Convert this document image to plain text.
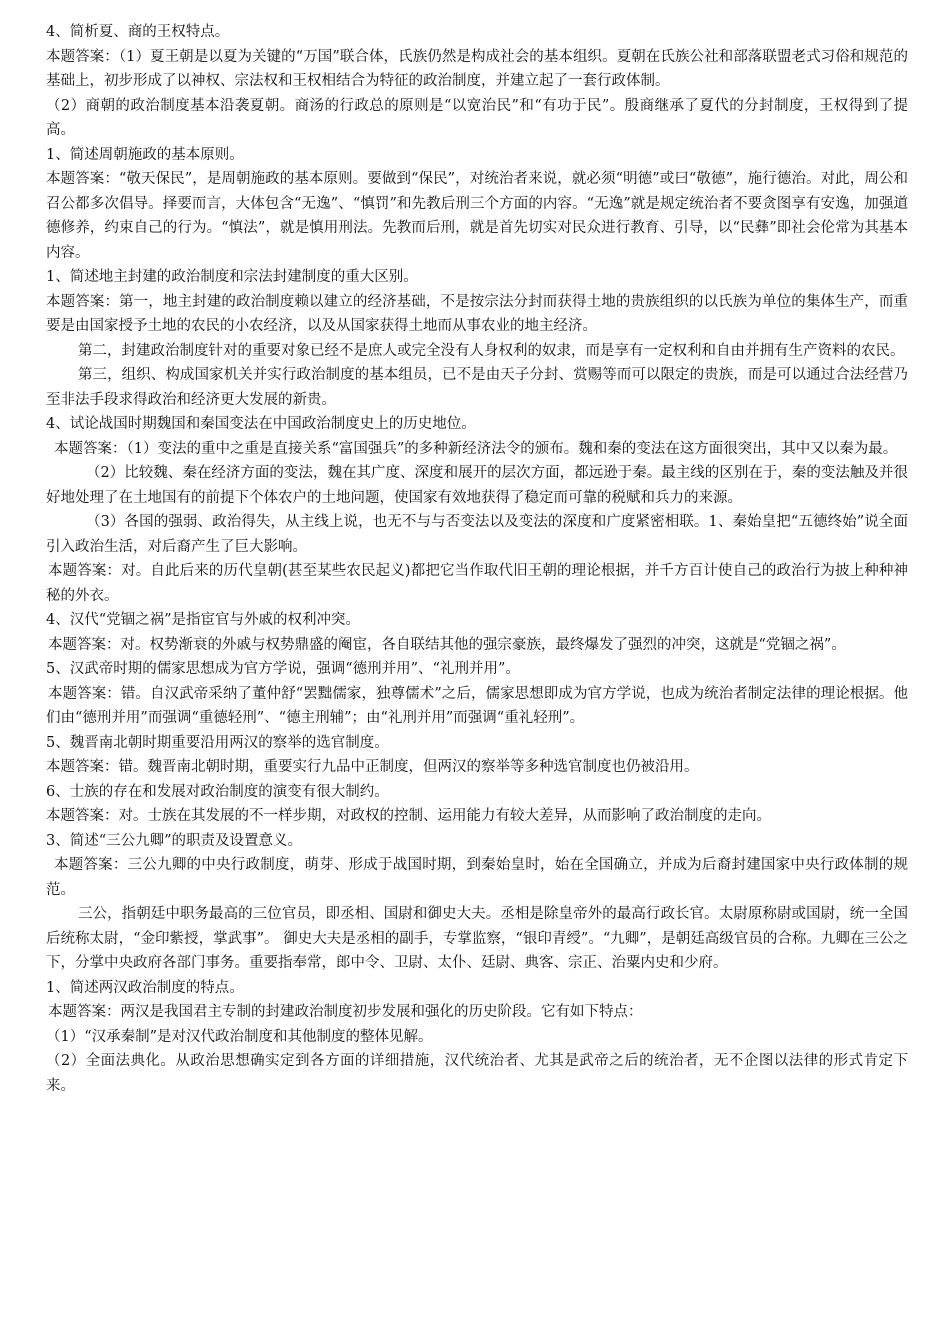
4、简析夏、商的王权特点。

本题答案：（1）夏王朝是以夏为关键的“万国”联合体，氏族仍然是构成社会的基本组织。夏朝在氏族公社和部落联盟老式习俗和规范的基础上，初步形成了以神权、宗法权和王权相结合为特征的政治制度，并建立起了一套行政体制。

（2）商朝的政治制度基本沿袭夏朝。商汤的行政总的原则是“以宽治民”和“有功于民”。殷商继承了夏代的分封制度，王权得到了提高。

1、简述周朝施政的基本原则。

本题答案：“敬天保民”，是周朝施政的基本原则。要做到“保民”，对统治者来说，就必须“明德”或曰“敬德”，施行德治。对此，周公和召公都多次倡导。择要而言，大体包含“无逸”、“慎罚”和先教后刑三个方面的内容。“无逸”就是规定统治者不要贪图享有安逸，加强道德修养，约束自己的行为。“慎法”，就是慎用刑法。先教而后刑，就是首先切实对民众进行教育、引导，以“民彝”即社会伦常为其基本内容。

1、简述地主封建的政治制度和宗法封建制度的重大区别。

本题答案：第一，地主封建的政治制度赖以建立的经济基础，不是按宗法分封而获得土地的贵族组织的以氏族为单位的集体生产，而重要是由国家授予土地的农民的小农经济，以及从国家获得土地而从事农业的地主经济。

第二，封建政治制度针对的重要对象已经不是庶人或完全没有人身权利的奴隶，而是享有一定权利和自由并拥有生产资料的农民。

第三，组织、构成国家机关并实行政治制度的基本组员，已不是由天子分封、赏赐等而可以限定的贵族，而是可以通过合法经营乃至非法手段求得政治和经济更大发展的新贵。

4、试论战国时期魏国和秦国变法在中国政治制度史上的历史地位。

本题答案：（1）变法的重中之重是直接关系“富国强兵”的多种新经济法令的颁布。魏和秦的变法在这方面很突出，其中又以秦为最。

（2）比较魏、秦在经济方面的变法，魏在其广度、深度和展开的层次方面，都远逊于秦。最主线的区别在于，秦的变法触及并很好地处理了在土地国有的前提下个体农户的土地问题，使国家有效地获得了稳定而可靠的税赋和兵力的来源。

（3）各国的强弱、政治得失，从主线上说，也无不与与否变法以及变法的深度和广度紧密相联。1、秦始皇把“五德终始”说全面引入政治生活，对后裔产生了巨大影响。

本题答案：对。自此后来的历代皇朝(甚至某些农民起义)都把它当作取代旧王朝的理论根据，并千方百计使自己的政治行为披上种种神秘的外衣。

4、汉代“党锢之祸”是指宦官与外戚的权利冲突。

本题答案：对。权势渐衰的外戚与权势鼎盛的阉宦，各自联结其他的强宗豪族，最终爆发了强烈的冲突，这就是“党锢之祸”。

5、汉武帝时期的儒家思想成为官方学说，强调“德刑并用”、“礼刑并用”。

本题答案：错。自汉武帝采纳了董仲舒“罢黜儒家，独尊儒术”之后，儒家思想即成为官方学说，也成为统治者制定法律的理论根据。他们由“德刑并用”而强调“重德轻刑”、“德主刑辅”；由“礼刑并用”而强调“重礼轻刑”。

5、魏晋南北朝时期重要沿用两汉的察举的选官制度。

本题答案：错。魏晋南北朝时期，重要实行九品中正制度，但两汉的察举等多种选官制度也仍被沿用。

6、士族的存在和发展对政治制度的演变有很大制约。

本题答案：对。士族在其发展的不一样步期，对政权的控制、运用能力有较大差异，从而影响了政治制度的走向。

3、简述“三公九卿”的职责及设置意义。

本题答案：三公九卿的中央行政制度，萌芽、形成于战国时期，到秦始皇时，始在全国确立，并成为后裔封建国家中央行政体制的规范。

三公，指朝廷中职务最高的三位官员，即丞相、国尉和御史大夫。丞相是除皇帝外的最高行政长官。太尉原称尉或国尉，统一全国后统称太尉，“金印紫授，掌武事”。 御史大夫是丞相的副手，专掌监察，“银印青绶”。“九卿”，是朝廷高级官员的合称。九卿在三公之下，分掌中央政府各部门事务。重要指奉常，郎中令、卫尉、太仆、廷尉、典客、宗正、治粟内史和少府。

1、简述两汉政治制度的特点。

本题答案：两汉是我国君主专制的封建政治制度初步发展和强化的历史阶段。它有如下特点：

（1）“汉承秦制”是对汉代政治制度和其他制度的整体见解。

（2）全面法典化。从政治思想确实定到各方面的详细措施，汉代统治者、尤其是武帝之后的统治者，无不企图以法律的形式肯定下来。
